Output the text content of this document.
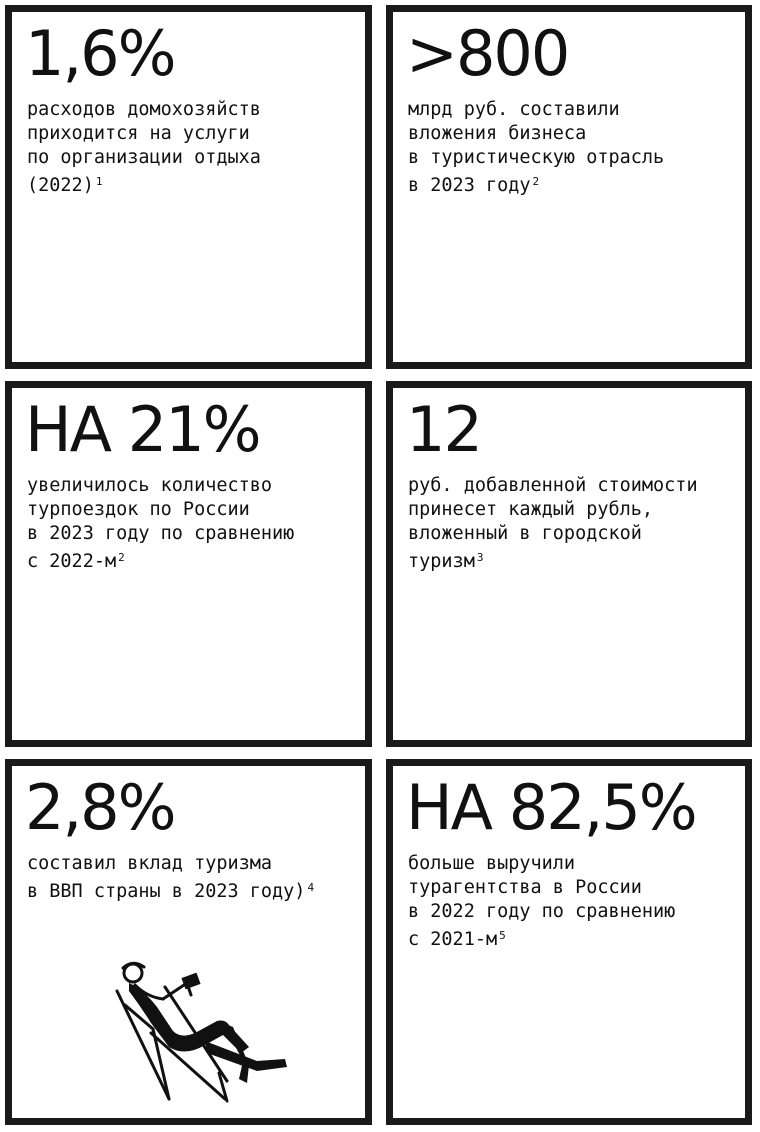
1,6%
расходов домохозяйств
приходится на услуги
по организации отдыха
(2022) $^1$
>800
млрд руб. составили
вложения бизнеса
в туристическую отрасль
в 2023 году $^2$
НА 21%
увеличилось количество
турпоездок по России
в 2023 году по сравнению
с 2022-м $^2$
12
руб. добавленной стоимости
принесет каждый рубль,
вложенный в городской
туризм $^3$
2,8%
составил вклад туризма
в ВВП страны в 2023 году) $^4$
НА 82,5%
больше выручили
турагентства в России
в 2022 году по сравнению
с 2021-м $^5$
